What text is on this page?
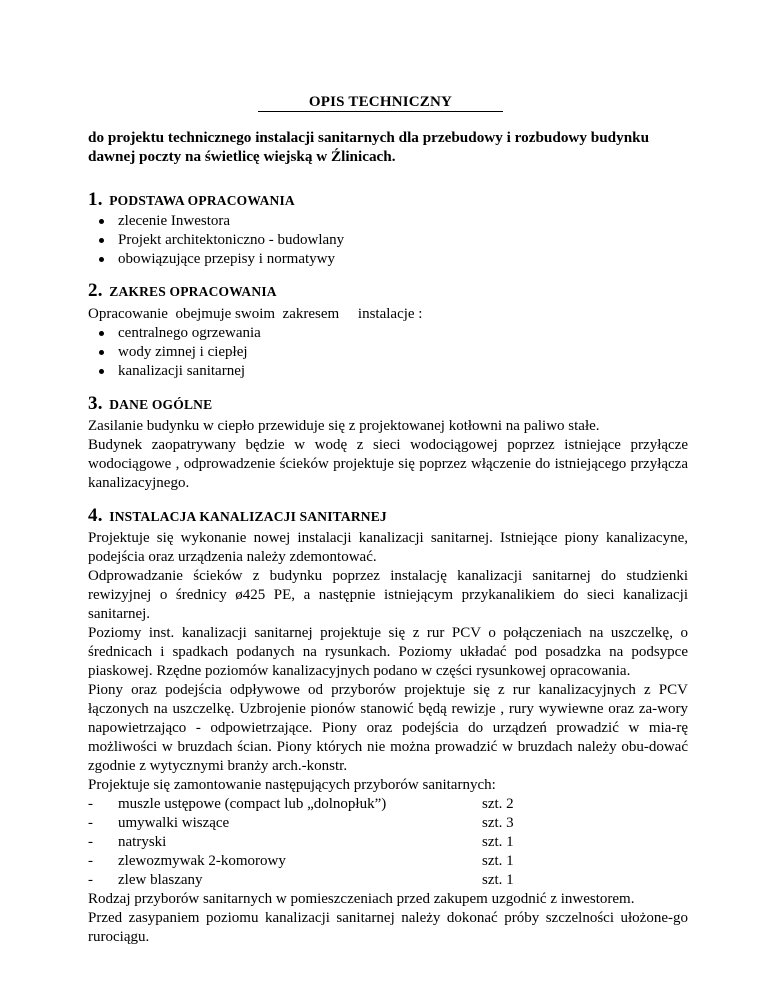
OPIS TECHNICZNY
do projektu technicznego instalacji sanitarnych dla przebudowy i rozbudowy budynku dawnej poczty na świetlicę wiejską w Źlinicach.
1. PODSTAWA OPRACOWANIA
zlecenie Inwestora
Projekt architektoniczno - budowlany
obowiązujące przepisy i normatywy
2. ZAKRES OPRACOWANIA
Opracowanie  obejmuje swoim  zakresem     instalacje :
centralnego ogrzewania
wody zimnej i ciepłej
kanalizacji sanitarnej
3. DANE OGÓLNE
Zasilanie budynku w ciepło przewiduje się z projektowanej kotłowni na paliwo stałe.
Budynek zaopatrywany będzie w wodę z sieci wodociągowej poprzez istniejące przyłącze wodociągowe , odprowadzenie ścieków projektuje się poprzez włączenie do istniejącego przyłącza kanalizacyjnego.
4. INSTALACJA KANALIZACJI SANITARNEJ
Projektuje się wykonanie nowej instalacji kanalizacji sanitarnej. Istniejące piony kanalizacyne, podejścia oraz urządzenia należy zdemontować.
Odprowadzanie ścieków z budynku poprzez instalację kanalizacji sanitarnej do studzienki rewizyjnej o średnicy ø425 PE, a następnie istniejącym przykanalikiem do sieci kanalizacji sanitarnej.
Poziomy inst. kanalizacji sanitarnej projektuje się z rur PCV o połączeniach na uszczelkę, o średnicach i spadkach podanych na rysunkach. Poziomy układać pod posadzka na podsypce piaskowej. Rzędne poziomów kanalizacyjnych podano w części rysunkowej opracowania.
Piony oraz podejścia odpływowe od przyborów projektuje się z rur kanalizacyjnych z PCV łączonych na uszczelkę. Uzbrojenie pionów stanowić będą rewizje , rury wywiewne oraz za-wory napowietrzająco - odpowietrzające. Piony oraz podejścia do urządzeń prowadzić w mia-rę możliwości w bruzdach ścian. Piony których nie można prowadzić w bruzdach należy obu-dować zgodnie z wytycznymi branży arch.-konstr.
Projektuje się zamontowanie następujących przyborów sanitarnych:
- muszle ustępowe (compact lub „dolnopłuk”)	szt. 2
- umywalki wiszące	szt. 3
- natryski	szt. 1
- zlewozmywak 2-komorowy	szt. 1
- zlew blaszany	szt. 1
Rodzaj przyborów sanitarnych w pomieszczeniach przed zakupem uzgodnić z inwestorem.
Przed zasypaniem poziomu kanalizacji sanitarnej należy dokonać próby szczelności ułożone-go rurociągu.
